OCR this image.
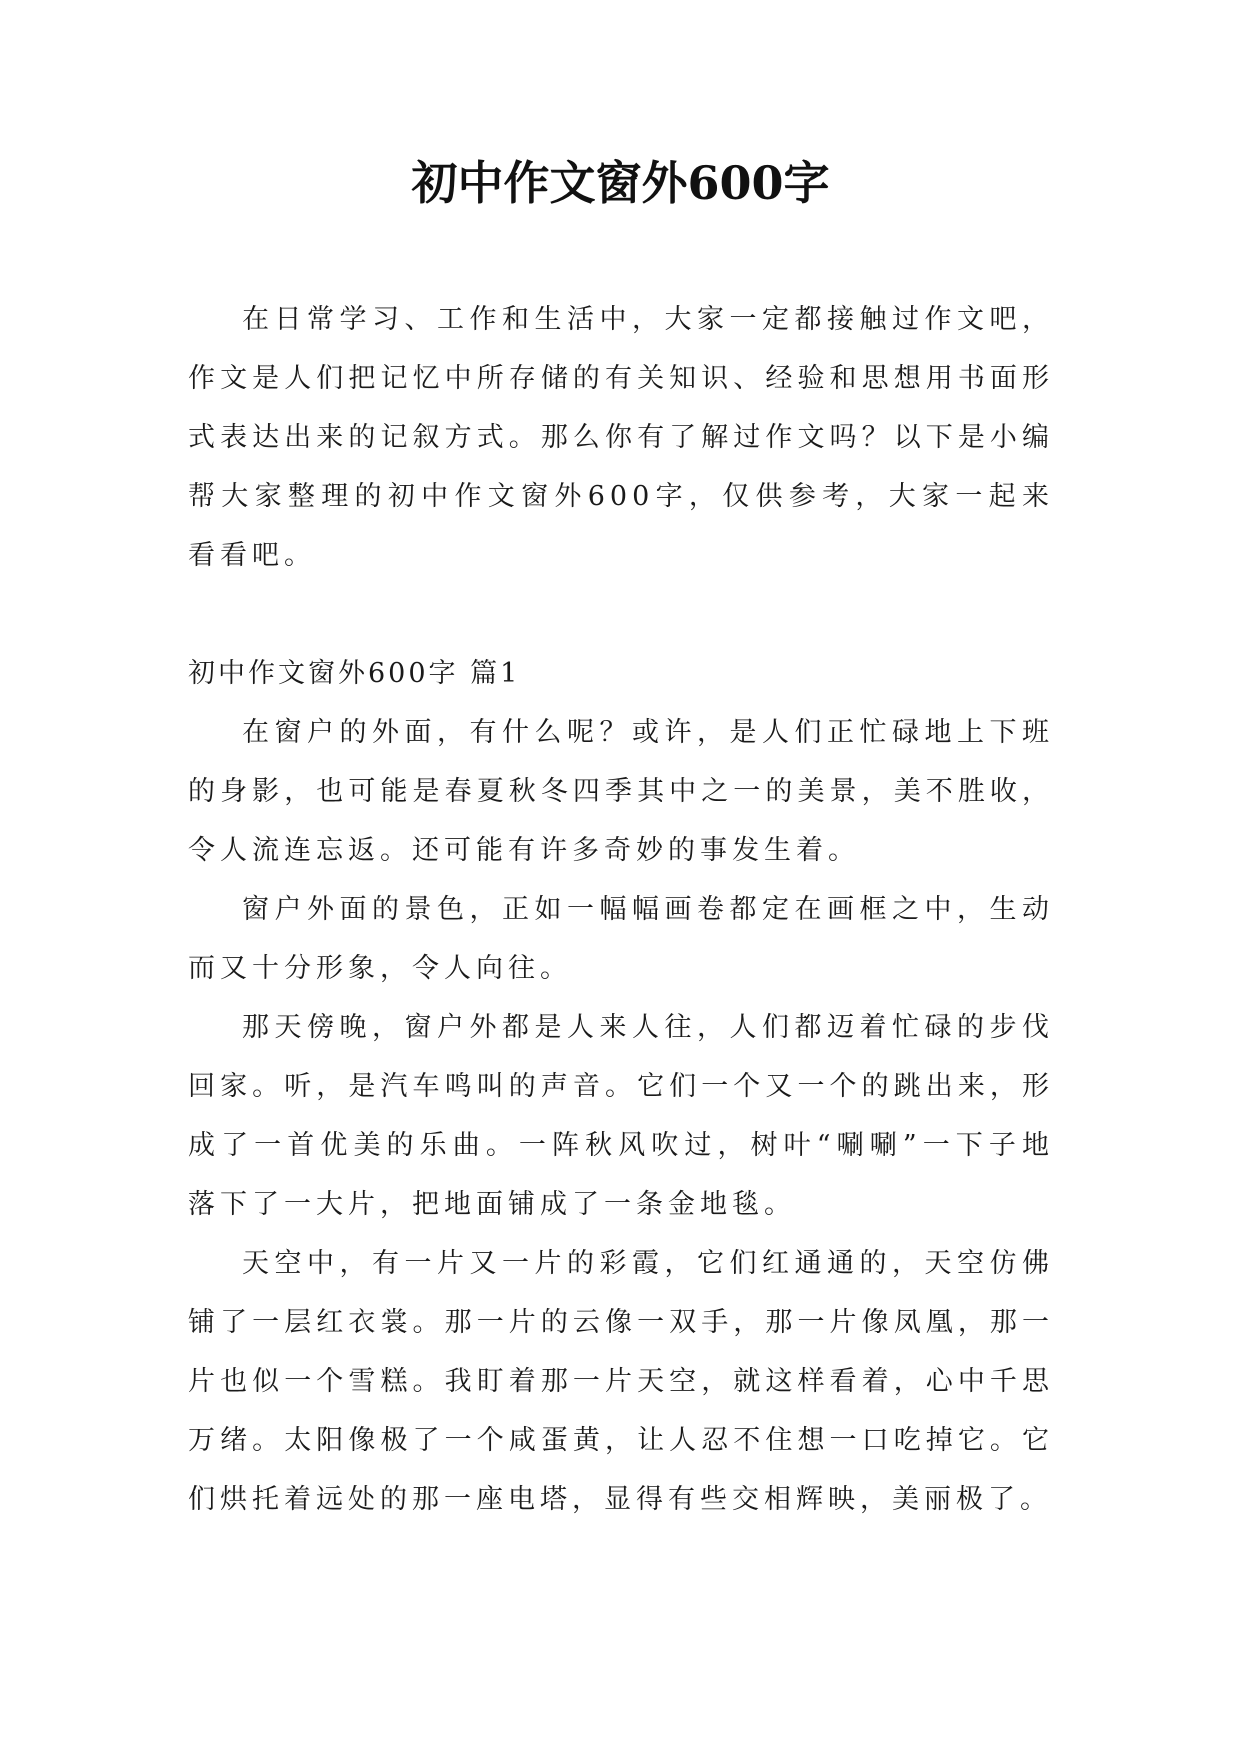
初中作文窗外600字

在日常学习、工作和生活中，大家一定都接触过作文吧，作文是人们把记忆中所存储的有关知识、经验和思想用书面形式表达出来的记叙方式。那么你有了解过作文吗？以下是小编帮大家整理的初中作文窗外600字，仅供参考，大家一起来看看吧。

初中作文窗外600字 篇1

在窗户的外面，有什么呢？或许，是人们正忙碌地上下班的身影，也可能是春夏秋冬四季其中之一的美景，美不胜收，令人流连忘返。还可能有许多奇妙的事发生着。

窗户外面的景色，正如一幅幅画卷都定在画框之中，生动而又十分形象，令人向往。

那天傍晚，窗户外都是人来人往，人们都迈着忙碌的步伐回家。听，是汽车鸣叫的声音。它们一个又一个的跳出来，形成了一首优美的乐曲。一阵秋风吹过，树叶“唰唰”一下子地落下了一大片，把地面铺成了一条金地毯。

天空中，有一片又一片的彩霞，它们红通通的，天空仿佛铺了一层红衣裳。那一片的云像一双手，那一片像凤凰，那一片也似一个雪糕。我盯着那一片天空，就这样看着，心中千思万绪。太阳像极了一个咸蛋黄，让人忍不住想一口吃掉它。它们烘托着远处的那一座电塔，显得有些交相辉映，美丽极了。
